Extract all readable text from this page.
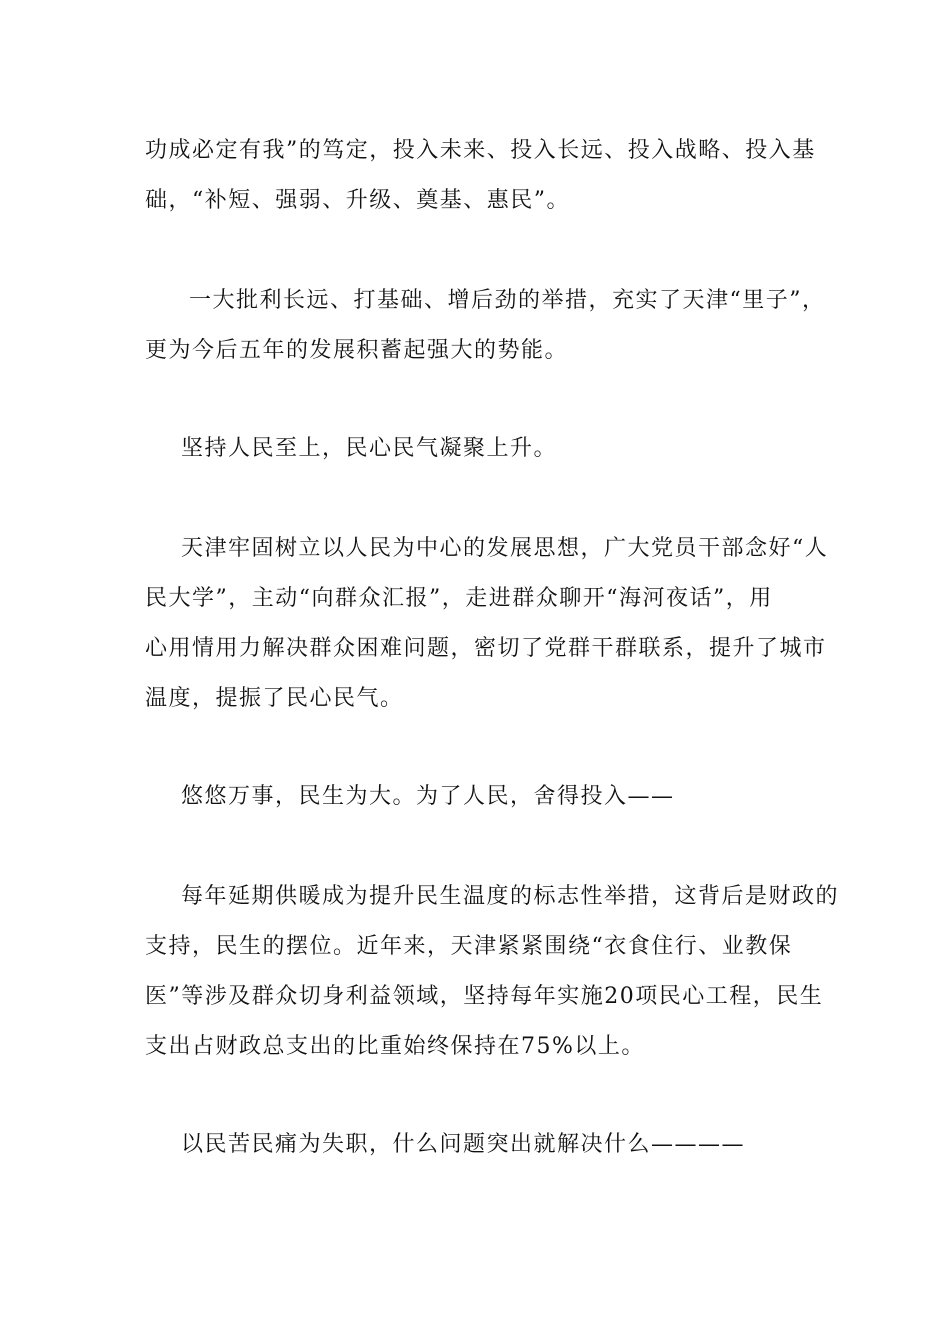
功成必定有我”的笃定，投入未来、投入长远、投入战略、投入基
础，“补短、强弱、升级、奠基、惠民”。
一大批利长远、打基础、增后劲的举措，充实了天津“里子”，
更为今后五年的发展积蓄起强大的势能。
坚持人民至上，民心民气凝聚上升。
天津牢固树立以人民为中心的发展思想，广大党员干部念好“人
民大学”，主动“向群众汇报”，走进群众聊开“海河夜话”，用
心用情用力解决群众困难问题，密切了党群干群联系，提升了城市
温度，提振了民心民气。
悠悠万事，民生为大。为了人民，舍得投入——
每年延期供暖成为提升民生温度的标志性举措，这背后是财政的
支持，民生的摆位。近年来，天津紧紧围绕“衣食住行、业教保
医”等涉及群众切身利益领域，坚持每年实施20项民心工程，民生
支出占财政总支出的比重始终保持在75%以上。
以民苦民痛为失职，什么问题突出就解决什么————
